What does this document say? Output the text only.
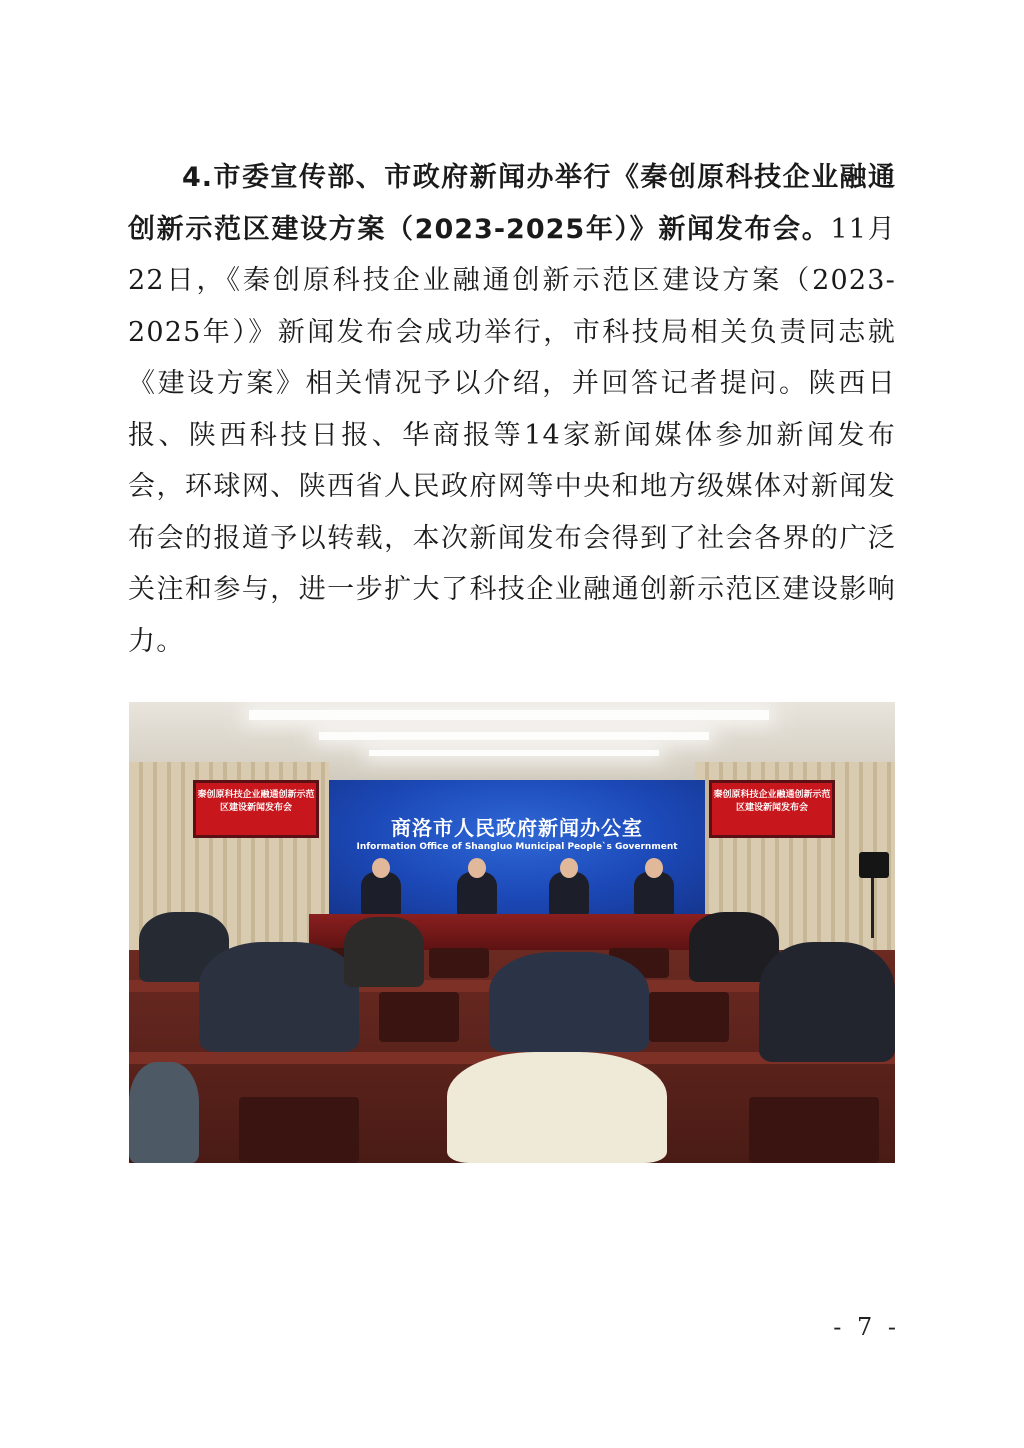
4.市委宣传部、市政府新闻办举行《秦创原科技企业融通创新示范区建设方案（2023-2025年）》新闻发布会。11月22日，《秦创原科技企业融通创新示范区建设方案（2023-2025年）》新闻发布会成功举行，市科技局相关负责同志就《建设方案》相关情况予以介绍，并回答记者提问。陕西日报、陕西科技日报、华商报等14家新闻媒体参加新闻发布会，环球网、陕西省人民政府网等中央和地方级媒体对新闻发布会的报道予以转载，本次新闻发布会得到了社会各界的广泛关注和参与，进一步扩大了科技企业融通创新示范区建设影响力。

商洛市人民政府新闻办公室
Information Office of Shangluo Municipal People`s Government
秦创原科技企业融通创新示范区建设新闻发布会
秦创原科技企业融通创新示范区建设新闻发布会
- 7 -
